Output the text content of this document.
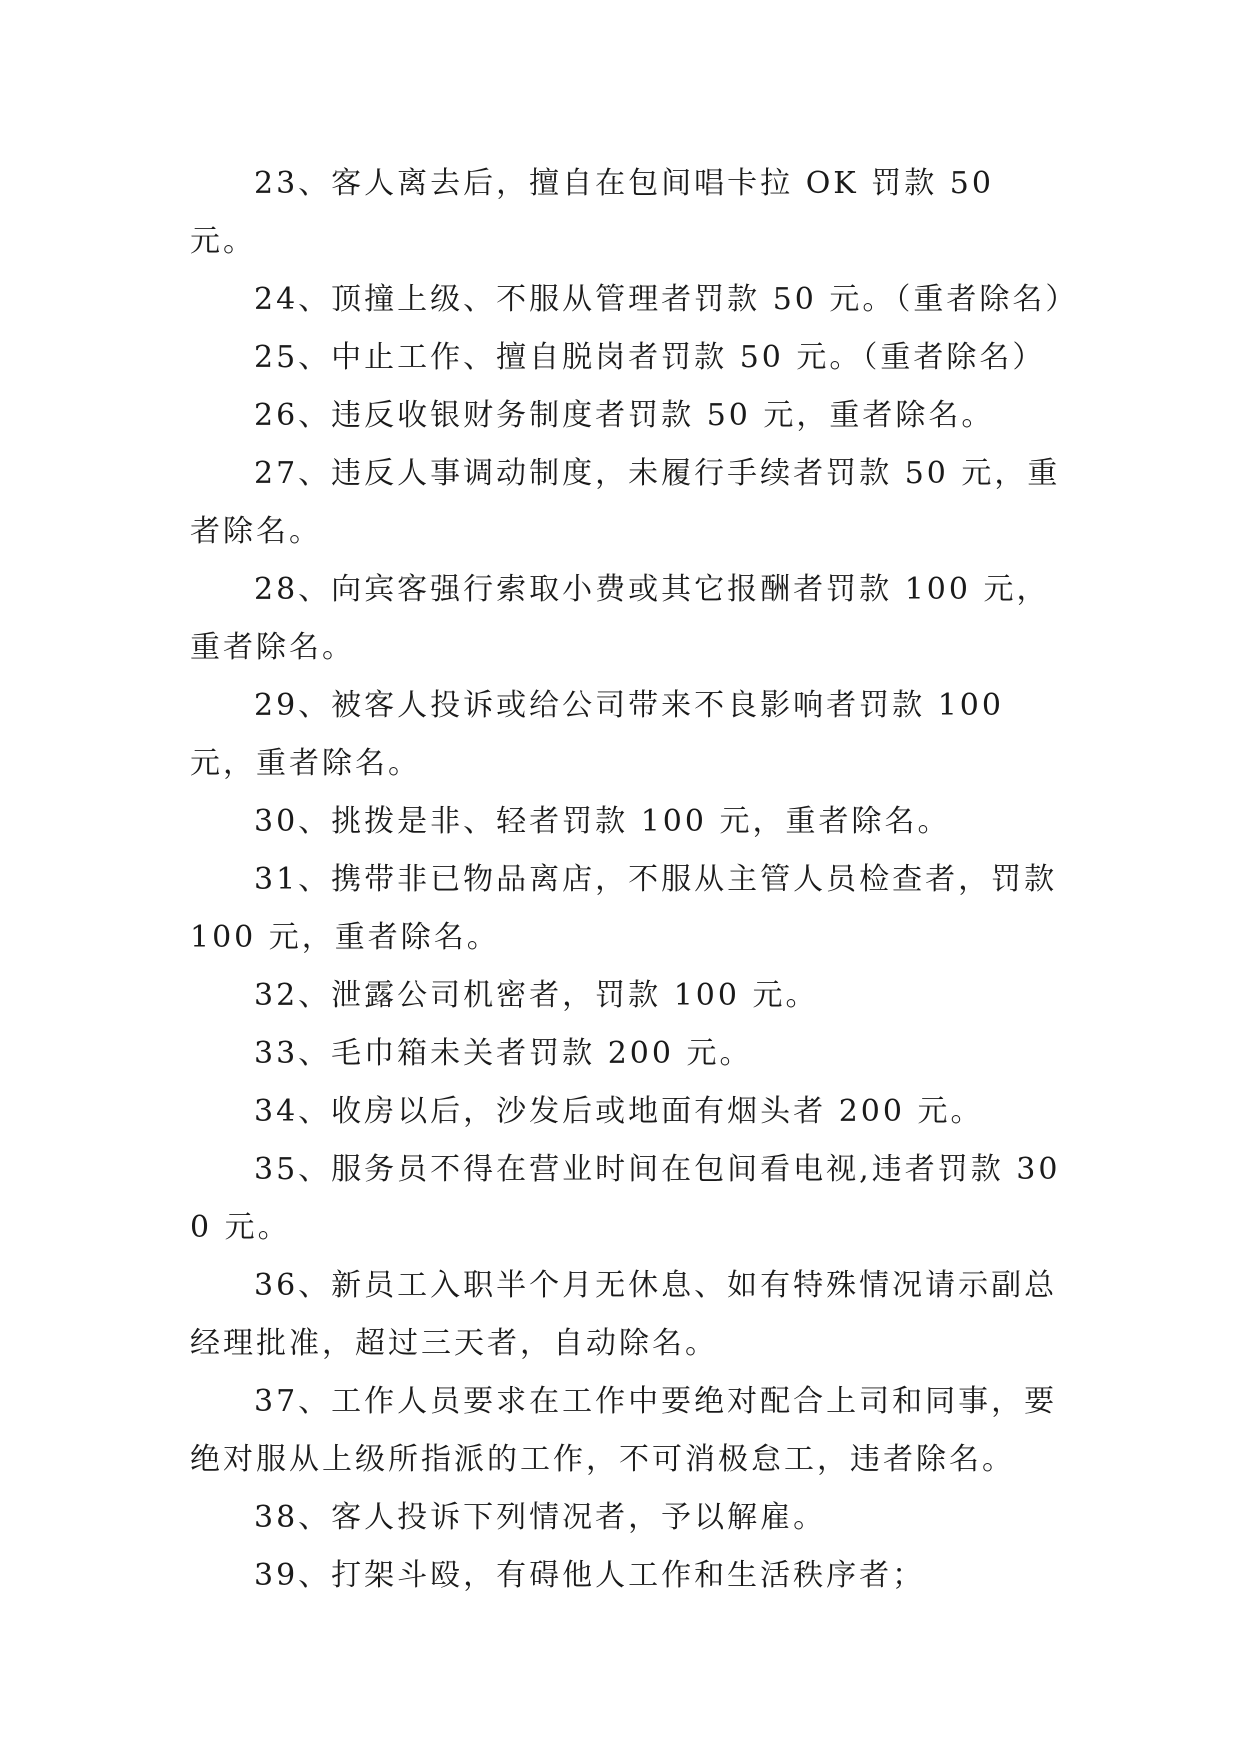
23、客人离去后，擅自在包间唱卡拉 OK 罚款 50 元。

24、顶撞上级、不服从管理者罚款 50 元。（重者除名）

25、中止工作、擅自脱岗者罚款 50 元。（重者除名）

26、违反收银财务制度者罚款 50 元，重者除名。

27、违反人事调动制度，未履行手续者罚款 50 元，重者除名。

28、向宾客强行索取小费或其它报酬者罚款 100 元，重者除名。

29、被客人投诉或给公司带来不良影响者罚款 100 元，重者除名。

30、挑拨是非、轻者罚款 100 元，重者除名。

31、携带非已物品离店，不服从主管人员检查者，罚款 100 元，重者除名。

32、泄露公司机密者，罚款 100 元。

33、毛巾箱未关者罚款 200 元。

34、收房以后，沙发后或地面有烟头者 200 元。

35、服务员不得在营业时间在包间看电视,违者罚款 300 元。

36、新员工入职半个月无休息、如有特殊情况请示副总经理批准，超过三天者，自动除名。

37、工作人员要求在工作中要绝对配合上司和同事，要绝对服从上级所指派的工作，不可消极怠工，违者除名。

38、客人投诉下列情况者，予以解雇。

39、打架斗殴，有碍他人工作和生活秩序者；
